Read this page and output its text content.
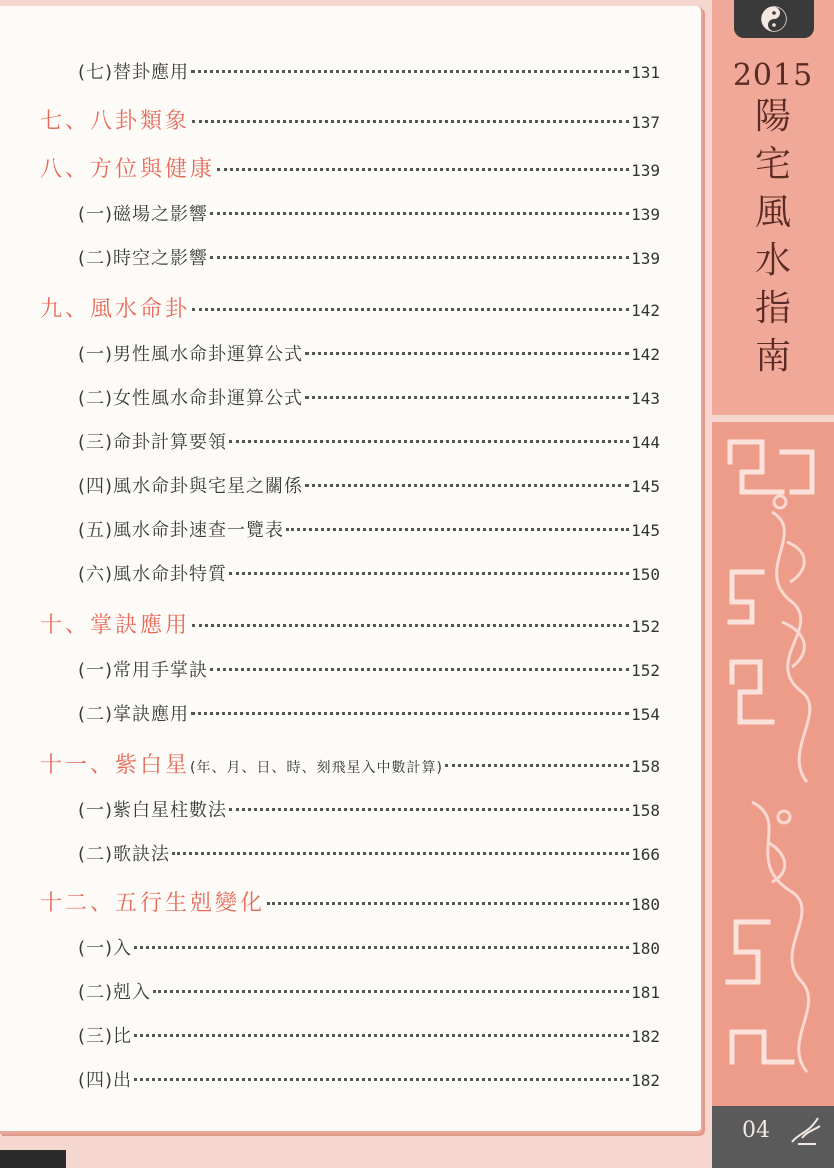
(七)替卦應用	131
七、八卦類象	137
八、方位與健康	139
(一)磁場之影響	139
(二)時空之影響	139
九、風水命卦	142
(一)男性風水命卦運算公式	142
(二)女性風水命卦運算公式	143
(三)命卦計算要領	144
(四)風水命卦與宅星之關係	145
(五)風水命卦速查一覽表	145
(六)風水命卦特質	150
十、掌訣應用	152
(一)常用手掌訣	152
(二)掌訣應用	154
十一、紫白星 (年、月、日、時、刻飛星入中數計算)	158
(一)紫白星柱數法	158
(二)歌訣法	166
十二、五行生剋變化	180
(一)入	180
(二)剋入	181
(三)比	182
(四)出	182
2015
陽
宅
風
水
指
南
04
